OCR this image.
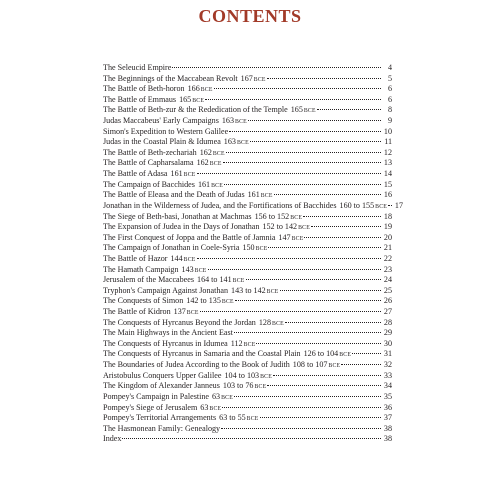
CONTENTS
The Seleucid Empire	4
The Beginnings of the Maccabean Revolt 167BCE	5
The Battle of Beth-horon 166BCE	6
The Battle of Emmaus 165BCE	6
The Battle of Beth-zur & the Rededication of the Temple 165BCE	8
Judas Maccabeus' Early Campaigns 163BCE	9
Simon's Expedition to Western Galilee	10
Judas in the Coastal Plain & Idumea 163BCE	11
The Battle of Beth-zechariah 162BCE	12
The Battle of Capharsalama 162BCE	13
The Battle of Adasa 161BCE	14
The Campaign of Bacchides 161BCE	15
The Battle of Eleasa and the Death of Judas 161BCE	16
Jonathan in the Wilderness of Judea, and the Fortifications of Bacchides 160 to 155BCE 17
The Siege of Beth-basi, Jonathan at Machmas 156 to 152BCE	18
The Expansion of Judea in the Days of Jonathan 152 to 142BCE	19
The First Conquest of Joppa and the Battle of Jamnia 147BCE	20
The Campaign of Jonathan in Coele-Syria 150BCE	21
The Battle of Hazor 144BCE	22
The Hamath Campaign 143BCE	23
Jerusalem of the Maccabees 164 to 141BCE	24
Tryphon's Campaign Against Jonathan 143 to 142BCE	25
The Conquests of Simon 142 to 135BCE	26
The Battle of Kidron 137BCE	27
The Conquests of Hyrcanus Beyond the Jordan 128BCE	28
The Main Highways in the Ancient East	29
The Conquests of Hyrcanus in Idumea 112BCE	30
The Conquests of Hyrcanus in Samaria and the Coastal Plain 126 to 104BCE	31
The Boundaries of Judea According to the Book of Judith 108 to 107BCE	32
Aristobulus Conquers Upper Galilee 104 to 103BCE	33
The Kingdom of Alexander Janneus 103 to 76BCE	34
Pompey's Campaign in Palestine 63BCE	35
Pompey's Siege of Jerusalem 63BCE	36
Pompey's Territorial Arrangements 63 to 55BCE	37
The Hasmonean Family: Genealogy	38
Index	38
